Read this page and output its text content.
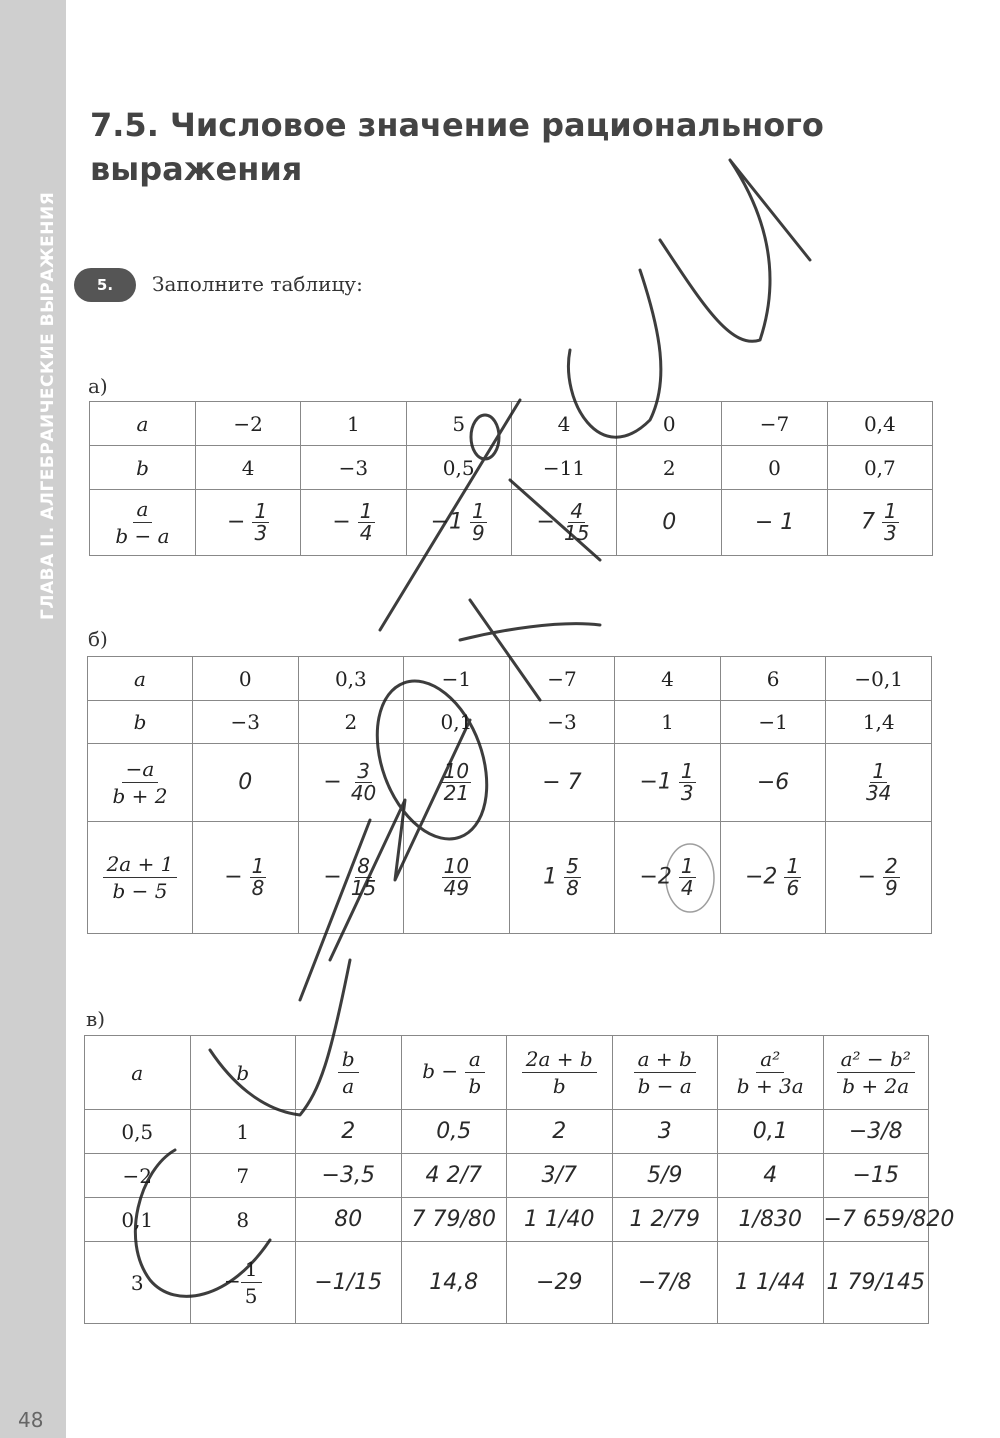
ГЛАВА II. АЛГЕБРАИЧЕСКИЕ ВЫРАЖЕНИЯ
48
7.5. Числовое значение рационального выражения
5.	Заполните таблицу:
а)
a	−2	1	5	4	0	−7	0,4
b	4	−3	0,5	−11	2	0	0,7

$\frac{a}{b - a}$	− $\frac{1}{3}$	− $\frac{1}{4}$	$-1 \frac{1}{9}$	− $\frac{4}{15}$	0	− 1	$7 \frac{1}{3}$
б)
a	0	0,3	−1	−7	4	6	−0,1
b	−3	2	0,1	−3	1	−1	1,4

$\frac{-a}{b + 2}$	0	− $\frac{3}{40}$	$\frac{10}{21}$	− 7	$-1 \frac{1}{3}$	−6	$\frac{1}{34}$

$\frac{2a + 1}{b - 5}$	− $\frac{1}{8}$	− $\frac{8}{15}$	$\frac{10}{49}$	$1 \frac{5}{8}$	$-2 \frac{1}{4}$	$-2 \frac{1}{6}$	− $\frac{2}{9}$
в)
a	b	$\frac{b}{a}$	$b - \frac{a}{b}$	$\frac{2a + b}{b}$	$\frac{a + b}{b - a}$	$\frac{\text{a²}}{b + 3a}$	$\frac{\text{a² − b²}}{b + 2a}$

0,5	1	2	0,5	2	3	0,1	−3/8
−2	7	−3,5	4 2/7	3/7	5/9	4	−15
0,1	8	80	7 79/80	1 1/40	1 2/79	1/830	−7 659/820
3	− $\frac{1}{5}$	−1/15	14,8	−29	−7/8	1 1/44	1 79/145
